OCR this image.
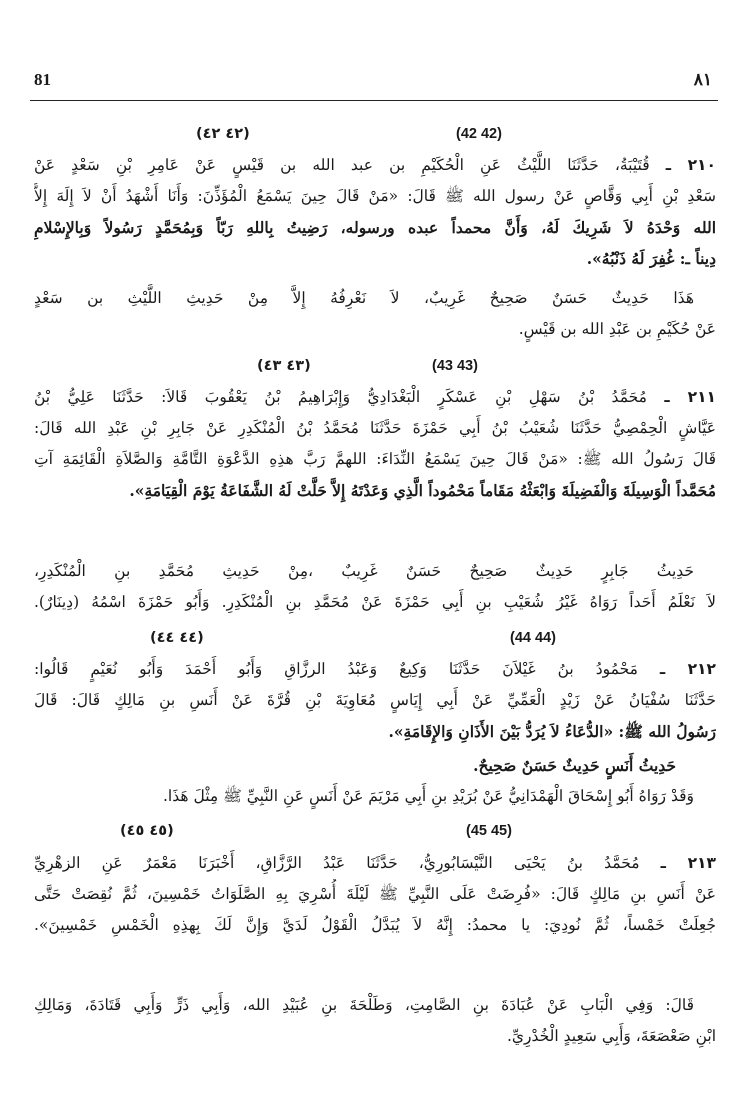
81	٨١
(٤٢ ٤٢)	(42 42)
٢١٠ ـ قُتَيْبَةُ، حَدَّثَنَا اللَّيْثُ عَنِ الْحُكَيْمِ بن عبد الله بن قَيْسٍ عَنْ عَامِرِ بْنِ سَعْدٍ عَنْ
سَعْدِ بْنِ أَبِي وَقَّاصٍ عَنْ رسول الله ﷺ قَالَ: «مَنْ قَالَ حِينَ يَسْمَعُ الْمُؤَذِّنَ: وَأَنَا أَشْهَدُ أَنْ لاَ إِلَهَ إِلاَّ
الله وَحْدَهُ لاَ شَرِيكَ لَهُ، وَأَنَّ محمداً عبده ورسوله، رَضِيتُ بِاللهِ رَبّاً وَبِمُحَمَّدٍ رَسُولاً وَبِالإِسْلامِ
دِيناً ـ: غُفِرَ لَهُ ذَنْبُهُ».
هَذَا حَدِيثٌ حَسَنٌ صَحِيحٌ غَرِيبٌ، لاَ نَعْرِفُهُ إِلاَّ مِنْ حَدِيثِ اللَّيْثِ بن سَعْدٍ
عَنْ حُكَيْمِ بن عَبْدِ الله بن قَيْسٍ.
(٤٣ ٤٣)	(43 43)
٢١١ ـ مُحَمَّدُ بْنُ سَهْلِ بْنِ عَسْكَرٍ الْبَغْدَادِيُّ وَإِبْرَاهِيمُ بْنُ يَعْقُوبَ قَالاَ: حَدَّثَنَا عَلِيُّ بْنُ
عَيَّاشٍ الْحِمْصِيُّ حَدَّثَنَا شُعَيْبُ بْنُ أَبِي حَمْزَةَ حَدَّثَنَا مُحَمَّدُ بْنُ الْمُنْكَدِرِ عَنْ جَابِرِ بْنِ عَبْدِ الله قَالَ:
قَالَ رَسُولُ الله ﷺ: «مَنْ قَالَ حِينَ يَسْمَعُ النِّدَاءَ: اللهمَّ رَبَّ هذِهِ الدَّعْوَةِ التَّامَّةِ وَالصَّلاَةِ الْقَائِمَةِ آتِ
مُحَمَّداً الْوَسِيلَةَ وَالْفَضِيلَةَ وَابْعَثْهُ مَقَاماً مَحْمُوداً الَّذِي وَعَدْتَهُ إِلاَّ حَلَّتْ لَهُ الشَّفَاعَةُ يَوْمَ الْقِيَامَةِ».
حَدِيثُ جَابِرٍ حَدِيثٌ صَحِيحٌ حَسَنٌ غَرِيبٌ ،مِنْ حَدِيثِ مُحَمَّدِ بنِ الْمُنْكَدِرِ،
لاَ نَعْلَمُ أَحَداً رَوَاهُ غَيْرُ شُعَيْبِ بنِ أَبِي حَمْزَةَ عَنْ مُحَمَّدِ بنِ الْمُنْكَدِرِ. وَأَبُو حَمْزَةَ اسْمُهُ (دِينَارٌ).
(٤٤ ٤٤)	(44 44)
٢١٢ ـ مَحْمُودُ بنُ غَيْلاَنَ حَدَّثَنَا وَكِيعٌ وَعَبْدُ الرزَّاقِ وَأَبُو أَحْمَدَ وَأَبُو نُعَيْمٍ قَالُوا:
حَدَّثَنَا سُفْيَانُ عَنْ زَيْدٍ الْعَمِّيِّ عَنْ أَبِي إِيَاسٍ مُعَاوِيَةَ بْنِ قُرَّةَ عَنْ أَنَسِ بنِ مَالِكٍ قَالَ: قَالَ
رَسُولُ الله ﷺ: «الدُّعَاءُ لاَ يُرَدُّ بَيْنَ الأَذَانِ وَالإِقَامَةِ».
حَدِيثُ أَنَسٍ حَدِيثٌ حَسَنٌ صَحِيحٌ.
وَقَدْ رَوَاهُ أَبُو إِسْحَاقَ الْهَمْدَانِيُّ عَنْ بُرَيْدِ بنِ أَبِي مَرْيَمَ عَنْ أَنَسٍ عَنِ النَّبِيِّ ﷺ مِثْلَ هَذَا.
(٤٥ ٤٥)	(45 45)
٢١٣ ـ مُحَمَّدُ بنُ يَحْيَى النَّيْسَابُورِيُّ، حَدَّثَنَا عَبْدُ الرَّزَّاقِ، أَخْبَرَنَا مَعْمَرٌ عَنِ الزهْرِيِّ
عَنْ أَنَسِ بنِ مَالِكٍ قَالَ: «فُرِضَتْ عَلَى النَّبِيِّ ﷺ لَيْلَةَ أُسْرِيَ بِهِ الصَّلَوَاتُ خَمْسِينَ، ثُمَّ نُقِصَتْ حَتَّى
جُعِلَتْ خَمْساً، ثُمَّ نُودِيَ: يا محمدُ: إِنَّهُ لاَ يُبَدَّلُ الْقَوْلُ لَدَيَّ وَإِنَّ لَكَ بِهذِهِ الْخَمْسِ خَمْسِينَ».
قَالَ: وَفِي الْبَابِ عَنْ عُبَادَةَ بنِ الصَّامِتِ، وَطَلْحَةَ بنِ عُبَيْدِ الله، وَأَبِي ذَرٍّ وَأَبِي قَتَادَةَ، وَمَالِكِ
ابْنِ صَعْصَعَةَ، وَأَبِي سَعِيدٍ الْخُدْرِيِّ.
